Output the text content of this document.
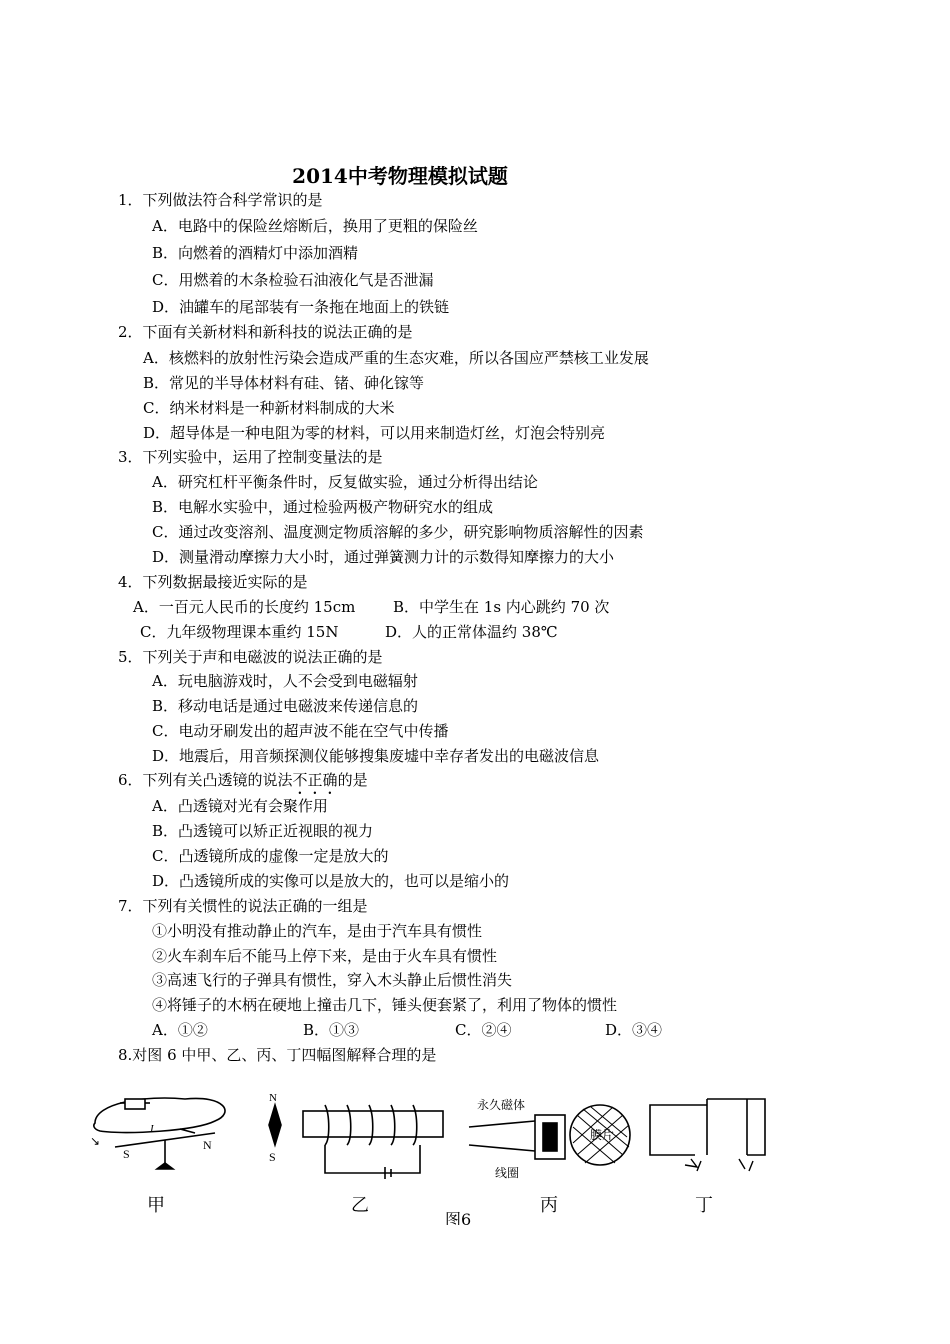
2014中考物理模拟试题
1．下列做法符合科学常识的是
A．电路中的保险丝熔断后，换用了更粗的保险丝
B．向燃着的酒精灯中添加酒精
C．用燃着的木条检验石油液化气是否泄漏
D．油罐车的尾部装有一条拖在地面上的铁链
2．下面有关新材料和新科技的说法正确的是
A．核燃料的放射性污染会造成严重的生态灾难，所以各国应严禁核工业发展
B．常见的半导体材料有硅、锗、砷化镓等
C．纳米材料是一种新材料制成的大米
D．超导体是一种电阻为零的材料，可以用来制造灯丝，灯泡会特别亮
3．下列实验中，运用了控制变量法的是
A．研究杠杆平衡条件时，反复做实验，通过分析得出结论
B．电解水实验中，通过检验两极产物研究水的组成
C．通过改变溶剂、温度测定物质溶解的多少，研究影响物质溶解性的因素
D．测量滑动摩擦力大小时，通过弹簧测力计的示数得知摩擦力的大小
4．下列数据最接近实际的是
A．一百元人民币的长度约 15cm	B．中学生在 1s 内心跳约 70 次
C．九年级物理课本重约 15N	D．人的正常体温约 38℃
5．下列关于声和电磁波的说法正确的是
A．玩电脑游戏时，人不会受到电磁辐射
B．移动电话是通过电磁波来传递信息的
C．电动牙刷发出的超声波不能在空气中传播
D．地震后，用音频探测仪能够搜集废墟中幸存者发出的电磁波信息
6．下列有关凸透镜的说法不正确的是
A．凸透镜对光有会聚作用
B．凸透镜可以矫正近视眼的视力
C．凸透镜所成的虚像一定是放大的
D．凸透镜所成的实像可以是放大的，也可以是缩小的
7．下列有关惯性的说法正确的一组是
①小明没有推动静止的汽车，是由于汽车具有惯性
②火车刹车后不能马上停下来，是由于火车具有惯性
③高速飞行的子弹具有惯性，穿入木头静止后惯性消失
④将锤子的木柄在硬地上撞击几下，锤头便套紧了，利用了物体的惯性
A．①②	B．①③	C．②④	D．③④
8.对图 6 中甲、乙、丙、丁四幅图解释合理的是
↘
S
N
I
甲
N
S
乙
永久磁体
线圈
膜片
丙	丁
图6
